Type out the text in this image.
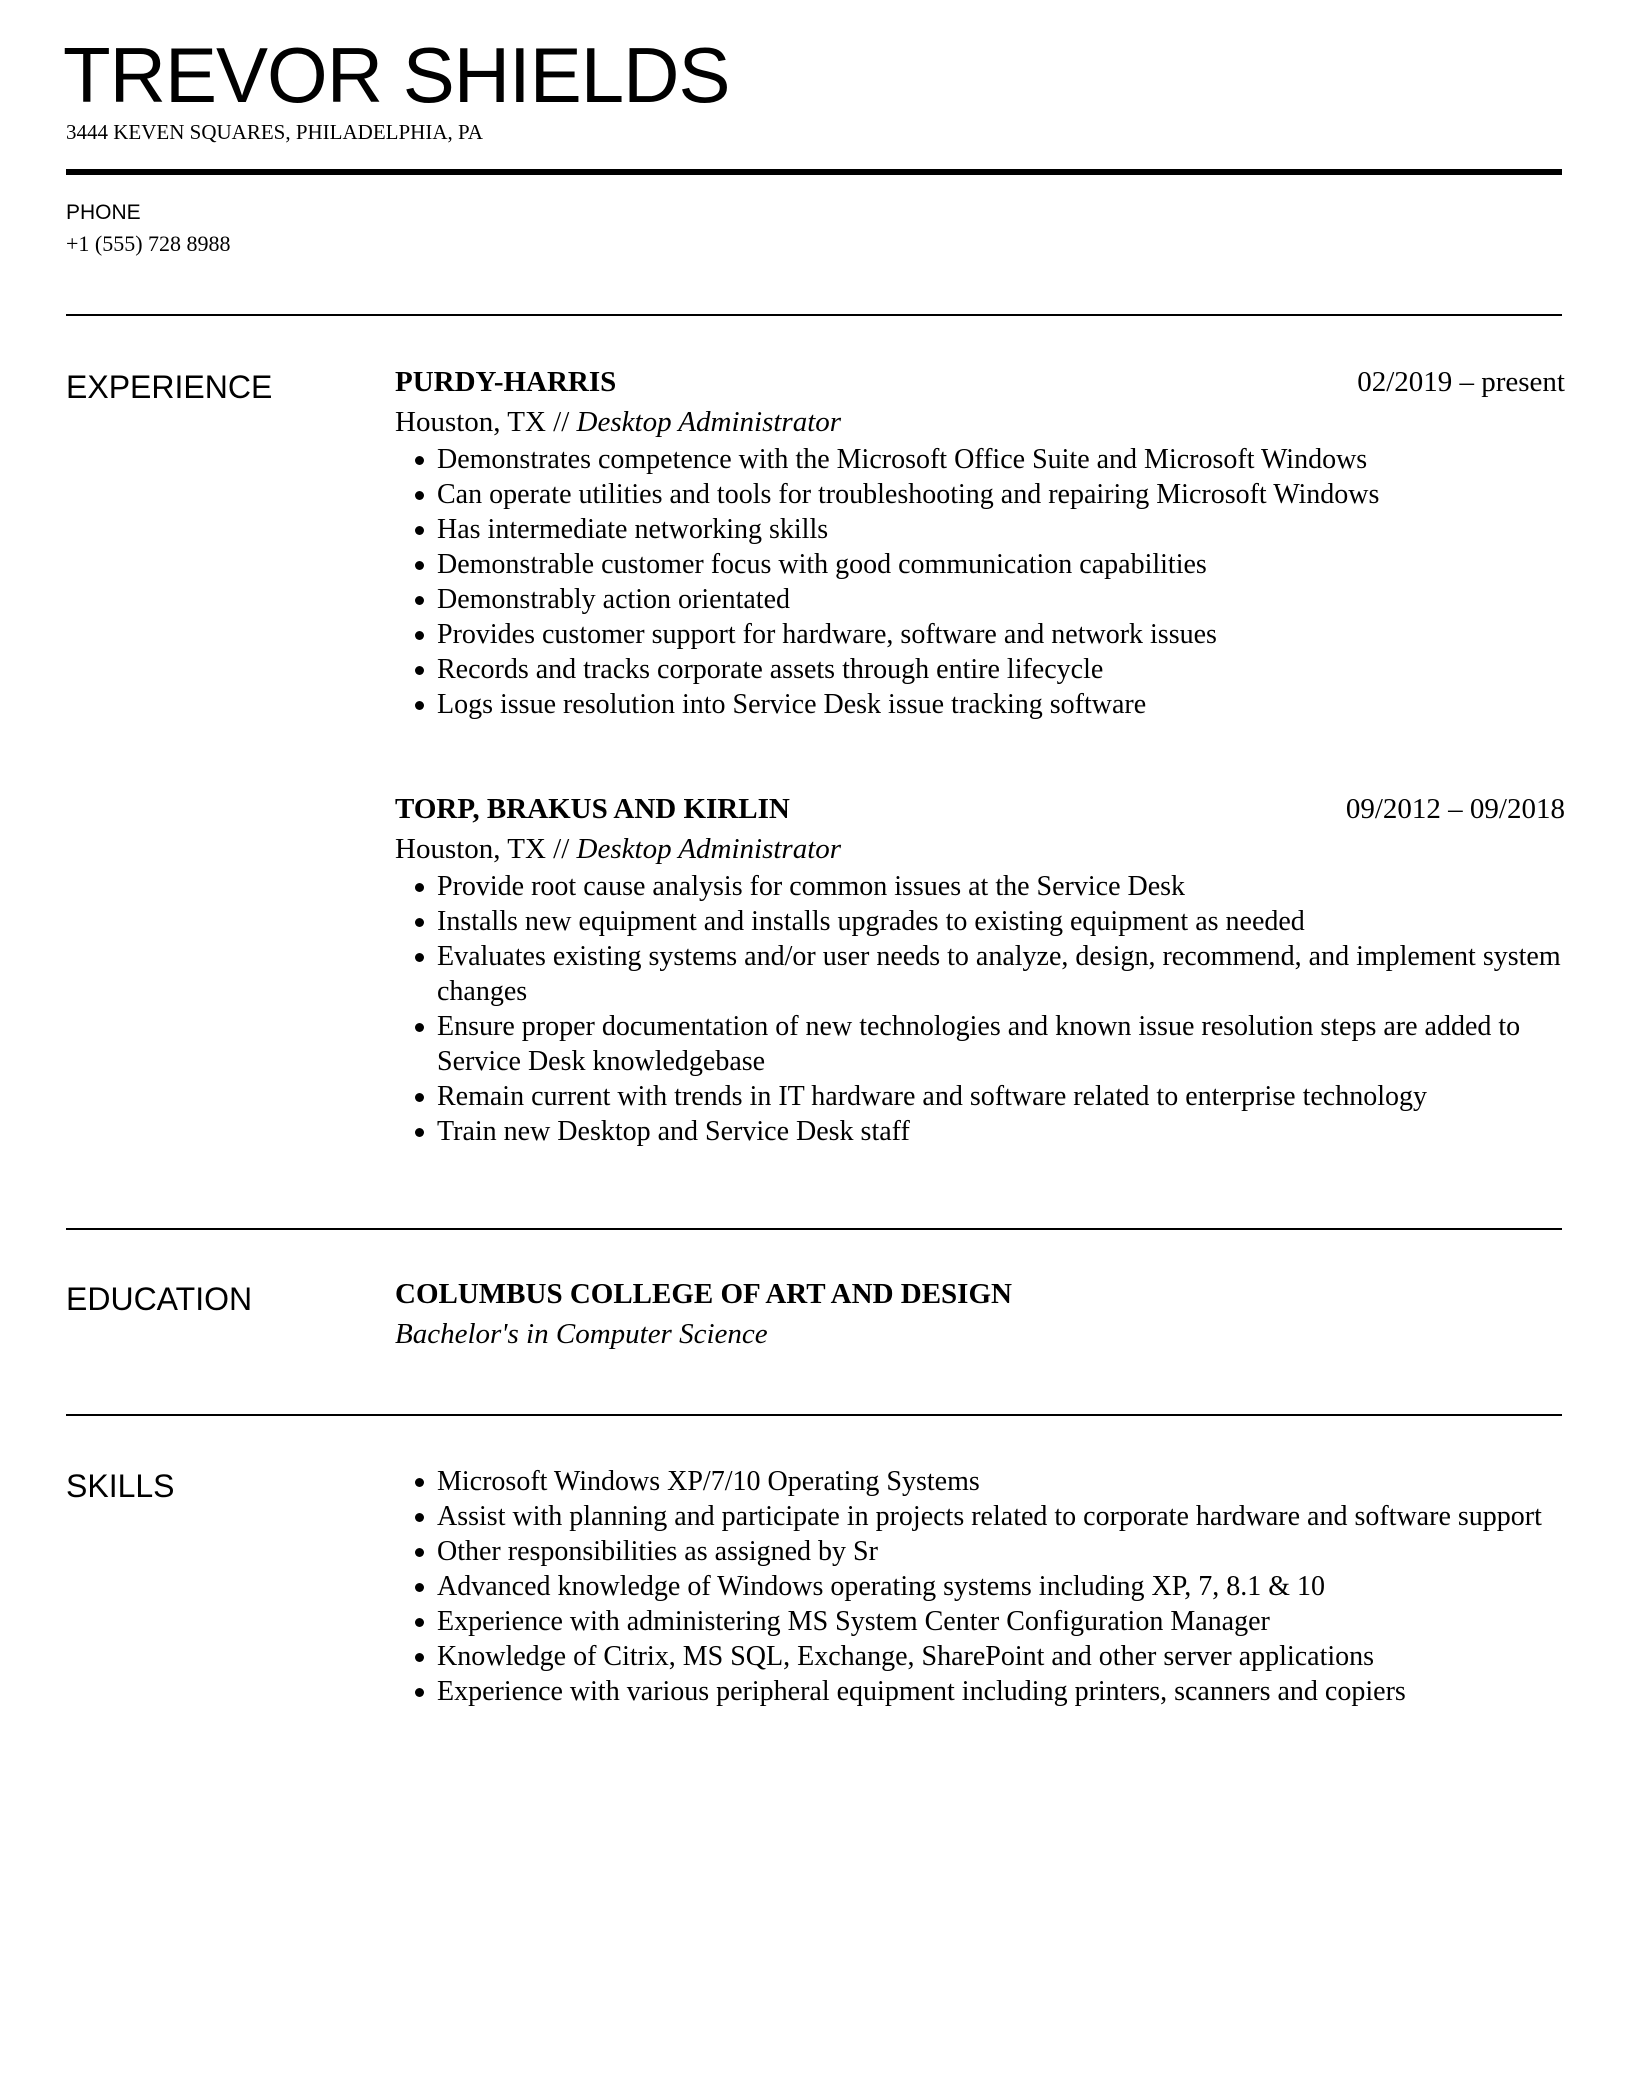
TREVOR SHIELDS
3444 KEVEN SQUARES, PHILADELPHIA, PA
PHONE
+1 (555) 728 8988
EXPERIENCE	PURDY-HARRIS	02/2019 – present
Houston, TX // Desktop Administrator
Demonstrates competence with the Microsoft Office Suite and Microsoft Windows
Can operate utilities and tools for troubleshooting and repairing Microsoft Windows
Has intermediate networking skills
Demonstrable customer focus with good communication capabilities
Demonstrably action orientated
Provides customer support for hardware, software and network issues
Records and tracks corporate assets through entire lifecycle
Logs issue resolution into Service Desk issue tracking software
TORP, BRAKUS AND KIRLIN	09/2012 – 09/2018
Houston, TX // Desktop Administrator
Provide root cause analysis for common issues at the Service Desk
Installs new equipment and installs upgrades to existing equipment as needed
Evaluates existing systems and/or user needs to analyze, design, recommend, and implement system changes
Ensure proper documentation of new technologies and known issue resolution steps are added to Service Desk knowledgebase
Remain current with trends in IT hardware and software related to enterprise technology
Train new Desktop and Service Desk staff
EDUCATION	COLUMBUS COLLEGE OF ART AND DESIGN
Bachelor's in Computer Science
SKILLS	Microsoft Windows XP/7/10 Operating Systems
Assist with planning and participate in projects related to corporate hardware and software support
Other responsibilities as assigned by Sr
Advanced knowledge of Windows operating systems including XP, 7, 8.1 & 10
Experience with administering MS System Center Configuration Manager
Knowledge of Citrix, MS SQL, Exchange, SharePoint and other server applications
Experience with various peripheral equipment including printers, scanners and copiers
